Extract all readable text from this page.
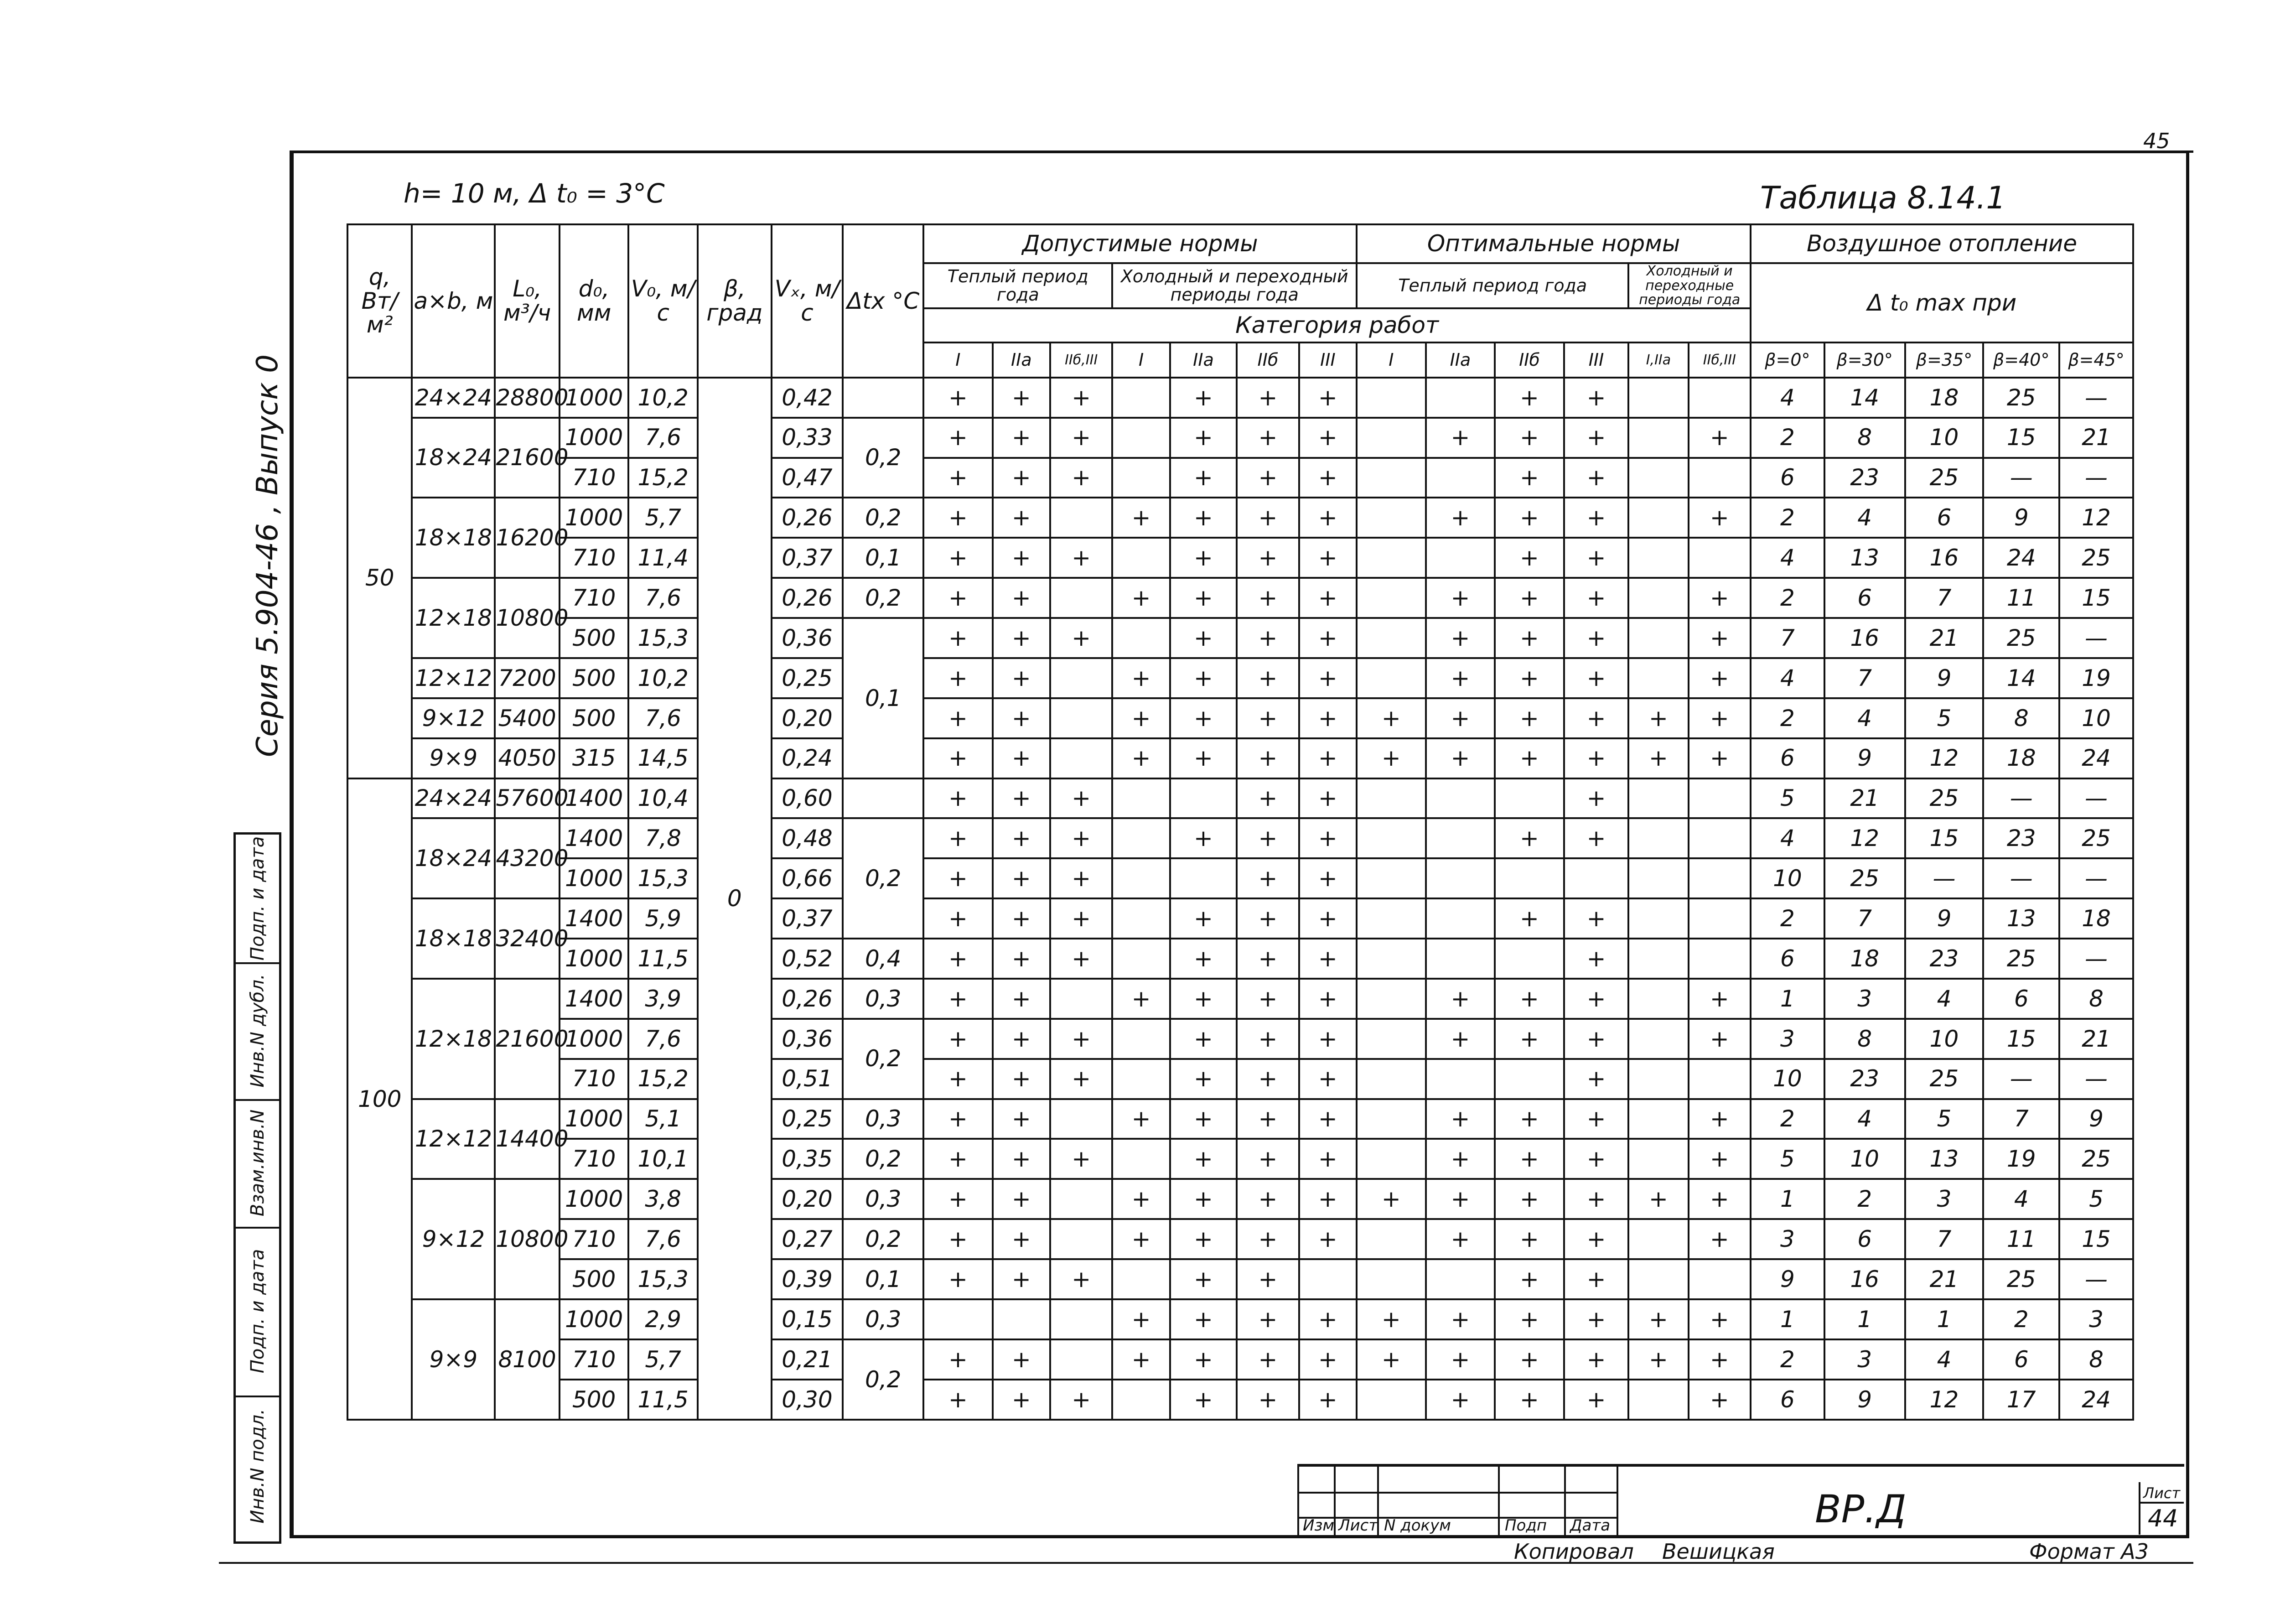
45
h= 10 м, Δ t₀ = 3°C	Таблица 8.14.1
Серия 5.904-46 , Выпуск 0
q, Вт/м²	a×b, м	L₀, м³/ч	d₀, мм	V₀, м/с	β, град	Vₓ, м/с	Δtx °С	Допустимые нормы							Оптимальные нормы						Воздушное отопление				
								Теплый период года			Холодный и переходный периоды года				Теплый период года				Холодный и переходные периоды года		Δ t₀ max при				
								Категория работ																	
								I	IIа	IIб,III	I	IIа	IIб	III	I	IIа	IIб	III	I,IIа	IIб,III	β=0°	β=30°	β=35°	β=40°	β=45°
50	24×24	28800	1000	10,2	0	0,42		+	+	+		+	+	+			+	+			4	14	18	25	—
	18×24	21600	1000	7,6		0,33	0,2	+	+	+		+	+	+		+	+	+		+	2	8	10	15	21
			710	15,2		0,47		+	+	+		+	+	+			+	+			6	23	25	—	—
	18×18	16200	1000	5,7		0,26	0,2	+	+		+	+	+	+		+	+	+		+	2	4	6	9	12
			710	11,4		0,37	0,1	+	+	+		+	+	+			+	+			4	13	16	24	25
	12×18	10800	710	7,6		0,26	0,2	+	+		+	+	+	+		+	+	+		+	2	6	7	11	15
			500	15,3		0,36	0,1	+	+	+		+	+	+		+	+	+		+	7	16	21	25	—
	12×12	7200	500	10,2		0,25		+	+		+	+	+	+		+	+	+		+	4	7	9	14	19
	9×12	5400	500	7,6		0,20		+	+		+	+	+	+	+	+	+	+	+	+	2	4	5	8	10
	9×9	4050	315	14,5		0,24		+	+		+	+	+	+	+	+	+	+	+	+	6	9	12	18	24
100	24×24	57600	1400	10,4		0,60		+	+	+			+	+				+			5	21	25	—	—
	18×24	43200	1400	7,8		0,48	0,2	+	+	+		+	+	+			+	+			4	12	15	23	25
			1000	15,3		0,66		+	+	+			+	+							10	25	—	—	—
	18×18	32400	1400	5,9		0,37		+	+	+		+	+	+			+	+			2	7	9	13	18
			1000	11,5		0,52	0,4	+	+	+		+	+	+				+			6	18	23	25	—
	12×18	21600	1400	3,9		0,26	0,3	+	+		+	+	+	+		+	+	+		+	1	3	4	6	8
			1000	7,6		0,36	0,2	+	+	+		+	+	+		+	+	+		+	3	8	10	15	21
			710	15,2		0,51		+	+	+		+	+	+				+			10	23	25	—	—
	12×12	14400	1000	5,1		0,25	0,3	+	+		+	+	+	+		+	+	+		+	2	4	5	7	9
			710	10,1		0,35	0,2	+	+	+		+	+	+		+	+	+		+	5	10	13	19	25
	9×12	10800	1000	3,8		0,20	0,3	+	+		+	+	+	+	+	+	+	+	+	+	1	2	3	4	5
			710	7,6		0,27	0,2	+	+		+	+	+	+		+	+	+		+	3	6	7	11	15
			500	15,3		0,39	0,1	+	+	+		+	+				+	+			9	16	21	25	—
	9×9	8100	1000	2,9		0,15	0,3				+	+	+	+	+	+	+	+	+	+	1	1	1	2	3
			710	5,7		0,21	0,2	+	+		+	+	+	+	+	+	+	+	+	+	2	3	4	6	8
			500	11,5		0,30		+	+	+		+	+	+		+	+	+		+	6	9	12	17	24
Подп. и дата
Инв.N дубл.
Взам.инв.N
Подп. и дата
Инв.N подл.
Изм Лист N докум	Подп Дата	ВР.Д	Лист
44
Копировал Вешицкая	Формат А3
